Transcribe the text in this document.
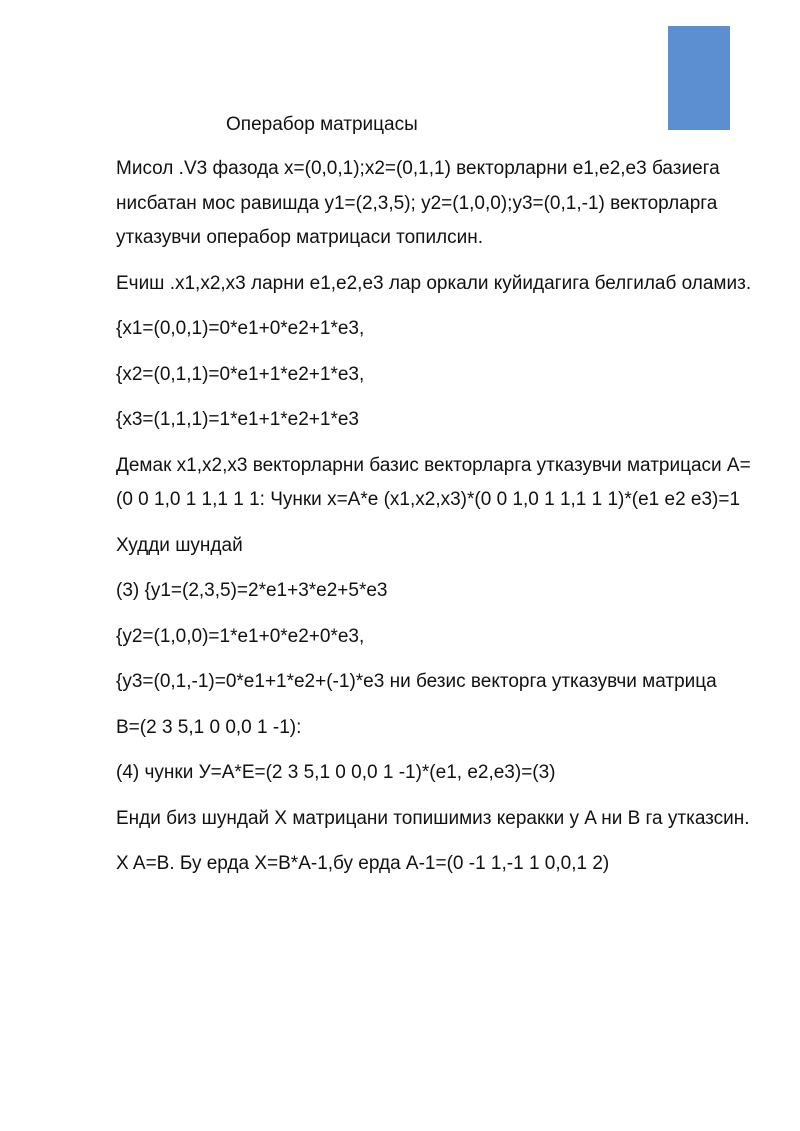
Операбор матрицасы

Мисол .V3 фазода x=(0,0,1);x2=(0,1,1) векторларни e1,e2,e3 базиега нисбатан мос равишда y1=(2,3,5); y2=(1,0,0);y3=(0,1,-1) векторларга утказувчи операбор матрицаси топилсин.

Ечиш .x1,x2,x3 ларни e1,e2,e3 лар оркали куйидагига белгилаб оламиз.

{x1=(0,0,1)=0*e1+0*e2+1*e3,

{x2=(0,1,1)=0*e1+1*e2+1*e3,

{x3=(1,1,1)=1*e1+1*e2+1*e3

Демак x1,x2,x3 векторларни базис векторларга утказувчи матрицаси A=(0 0 1,0 1 1,1 1 1: Чунки x=A*e (x1,x2,x3)*(0 0 1,0 1 1,1 1 1)*(e1 e2 e3)=1

Худди шундай

(3) {y1=(2,3,5)=2*e1+3*e2+5*e3

{y2=(1,0,0)=1*e1+0*e2+0*e3,

{y3=(0,1,-1)=0*e1+1*e2+(-1)*e3 ни безис векторга утказувчи матрица

B=(2 3 5,1 0 0,0 1 -1):

(4) чунки У=A*E=(2 3 5,1 0 0,0 1 -1)*(e1, e2,e3)=(3)

Енди биз шундай X матрицани топишимиз керакки у A ни B га утказсин.

X A=B. Бу ерда X=B*A-1,бу ерда A-1=(0 -1 1,-1 1 0,0,1 2)
